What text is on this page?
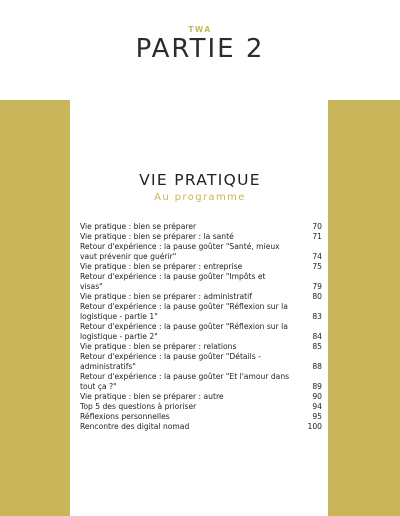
TWA
PARTIE 2
VIE PRATIQUE
Au programme
Vie pratique : bien se préparer	70
Vie pratique : bien se préparer : la santé	71
Retour d'expérience : la pause goûter "Santé, mieux vaut prévenir que guérir"	74
Vie pratique : bien se préparer : entreprise	75
Retour d'expérience : la pause goûter "Impôts et visas"	79
Vie pratique : bien se préparer : administratif	80
Retour d'expérience : la pause goûter "Réflexion sur la logistique - partie 1"	83
Retour d'expérience : la pause goûter "Réflexion sur la logistique - partie 2"	84
Vie pratique : bien se préparer : relations	85
Retour d'expérience : la pause goûter "Détails - administratifs"	88
Retour d'expérience : la pause goûter "Et l'amour dans tout ça ?"	89
Vie pratique : bien se préparer : autre	90
Top 5 des questions à prioriser	94
Réflexions personnelles	95
Rencontre des digital nomad	100
